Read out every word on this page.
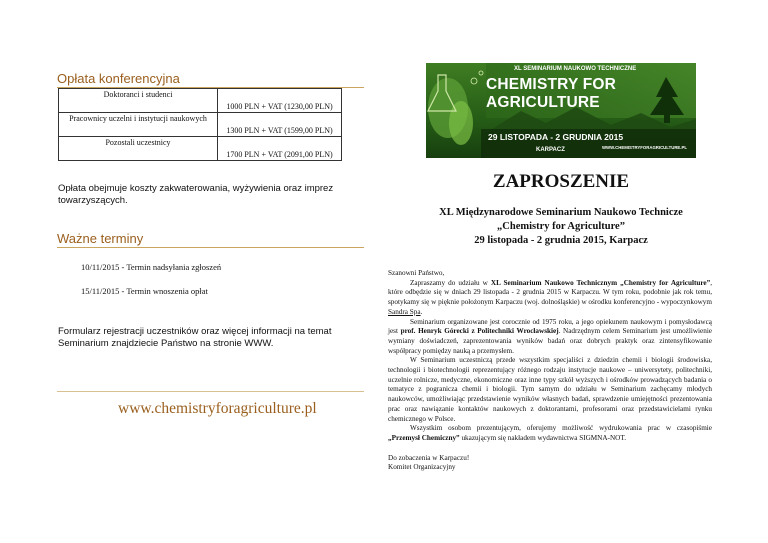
Opłata konferencyjna
Doktoranci i studenci	1000 PLN + VAT (1230,00 PLN)
Pracownicy uczelni i instytucji naukowych	1300 PLN + VAT (1599,00 PLN)
Pozostali uczestnicy	1700 PLN + VAT (2091,00 PLN)
Opłata obejmuje koszty zakwaterowania, wyżywienia oraz imprez
towarzyszących.
Ważne terminy
10/11/2015 - Termin nadsyłania zgłoszeń
15/11/2015 - Termin wnoszenia opłat
Formularz rejestracji uczestników oraz więcej informacji na temat
Seminarium znajdziecie Państwo na stronie WWW.
www.chemistryforagriculture.pl
XL SEMINARIUM NAUKOWO TECHNICZNE
CHEMISTRY FOR AGRICULTURE
29 LISTOPADA - 2 GRUDNIA 2015
KARPACZ	WWW.CHEMISTRYFORAGRICULTURE.PL
ZAPROSZENIE
XL Międzynarodowe Seminarium Naukowo Technicze
„Chemistry for Agriculture”
29 listopada - 2 grudnia 2015, Karpacz

Szanowni Państwo,

Zapraszamy do udziału w XL Seminarium Naukowo Technicznym „Chemistry for Agriculture”, które odbędzie się w dniach 29 listopada - 2 grudnia 2015 w Karpaczu. W tym roku, podobnie jak rok temu, spotykamy się w pięknie położonym Karpaczu (woj. dolnośląskie) w ośrodku konferencyjno - wypoczynkowym Sandra Spa.

Seminarium organizowane jest corocznie od 1975 roku, a jego opiekunem naukowym i pomysłodawcą jest prof. Henryk Górecki z Politechniki Wrocławskiej. Nadrzędnym celem Seminarium jest umożliwienie wymiany doświadczeń, zaprezentowania wyników badań oraz dobrych praktyk oraz zintensyfikowanie współpracy pomiędzy nauką a przemysłem.

W Seminarium uczestniczą przede wszystkim specjaliści z dziedzin chemii i biologii środowiska, technologii i biotechnologii reprezentujący różnego rodzaju instytucje naukowe – uniwersytety, politechniki, uczelnie rolnicze, medyczne, ekonomiczne oraz inne typy szkół wyższych i ośrodków prowadzących badania o tematyce z pogranicza chemii i biologii. Tym samym do udziału w Seminarium zachęcamy młodych naukowców, umożliwiając przedstawienie wyników własnych badań, sprawdzenie umiejętności prezentowania prac oraz nawiązanie kontaktów naukowych z doktorantami, profesorami oraz przedstawicielami rynku chemicznego w Polsce.

Wszystkim osobom prezentującym, oferujemy możliwość wydrukowania prac w czasopiśmie „Przemysł Chemiczny” ukazującym się nakładem wydawnictwa SIGMNA-NOT.

Do zobaczenia w Karpaczu!

Komitet Organizacyjny
